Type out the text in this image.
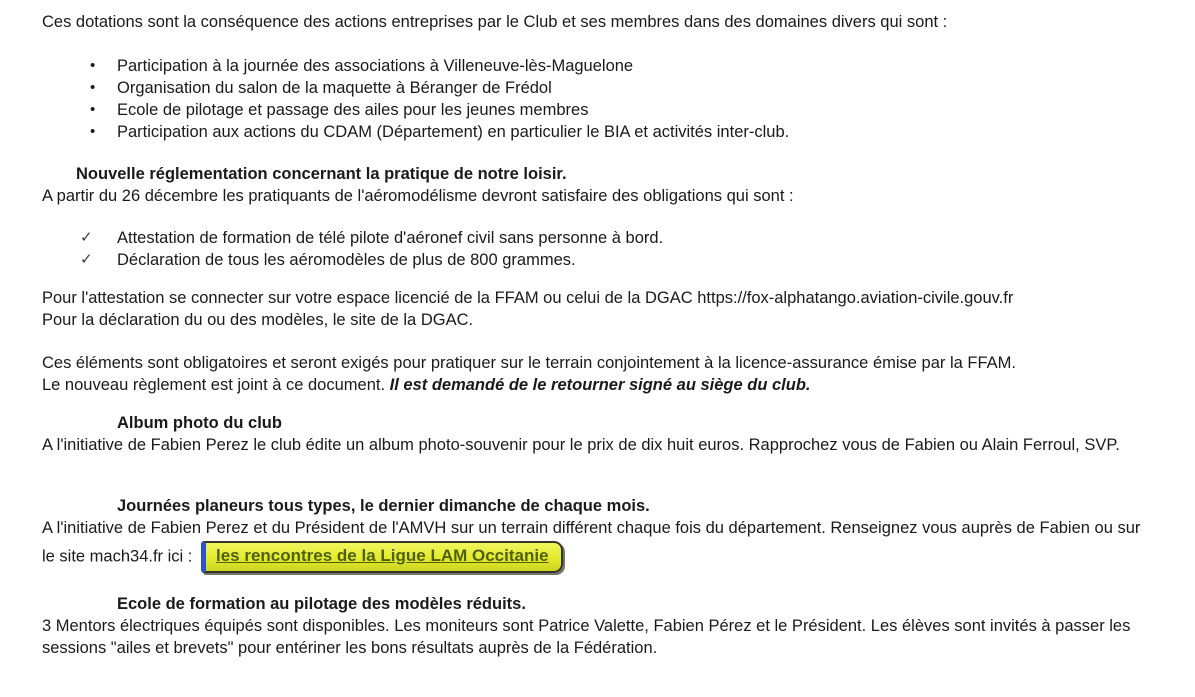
Ces dotations sont la conséquence des actions entreprises par le Club et ses membres dans des domaines divers qui sont :

•	Participation à la journée des associations à Villeneuve-lès-Maguelone
•	Organisation du salon de la maquette à Béranger de Frédol
•	Ecole de pilotage et passage des ailes pour les jeunes membres
•	Participation aux actions du CDAM (Département) en particulier le BIA et activités inter-club.

Nouvelle réglementation concernant la pratique de notre loisir.

A partir du 26 décembre les pratiquants de l'aéromodélisme devront satisfaire des obligations qui sont :

✓	Attestation de formation de télé pilote d'aéronef civil sans personne à bord.
✓	Déclaration de tous les aéromodèles de plus de 800 grammes.

Pour l'attestation se connecter sur votre espace licencié de la FFAM ou celui de la DGAC https://fox-alphatango.aviation-civile.gouv.fr
Pour la déclaration du ou des modèles, le site de la DGAC.

Ces éléments sont obligatoires et seront exigés pour pratiquer sur le terrain conjointement à la licence-assurance émise par la FFAM.
Le nouveau règlement est joint à ce document. Il est demandé de le retourner signé au siège du club.

Album photo du club

A l'initiative de Fabien Perez le club édite un album photo-souvenir pour le prix de dix huit euros. Rapprochez vous de Fabien ou Alain Ferroul, SVP.

Journées planeurs tous types, le dernier dimanche de chaque mois.

A l'initiative de Fabien Perez et du Président de l'AMVH sur un terrain différent chaque fois du département. Renseignez vous auprès de Fabien ou sur le site mach34.fr ici : les rencontres de la Ligue LAM Occitanie

Ecole de formation au pilotage des modèles réduits.

3 Mentors électriques équipés sont disponibles. Les moniteurs sont Patrice Valette, Fabien Pérez et le Président. Les élèves sont invités à passer les sessions "ailes et brevets" pour entériner les bons résultats auprès de la Fédération.
